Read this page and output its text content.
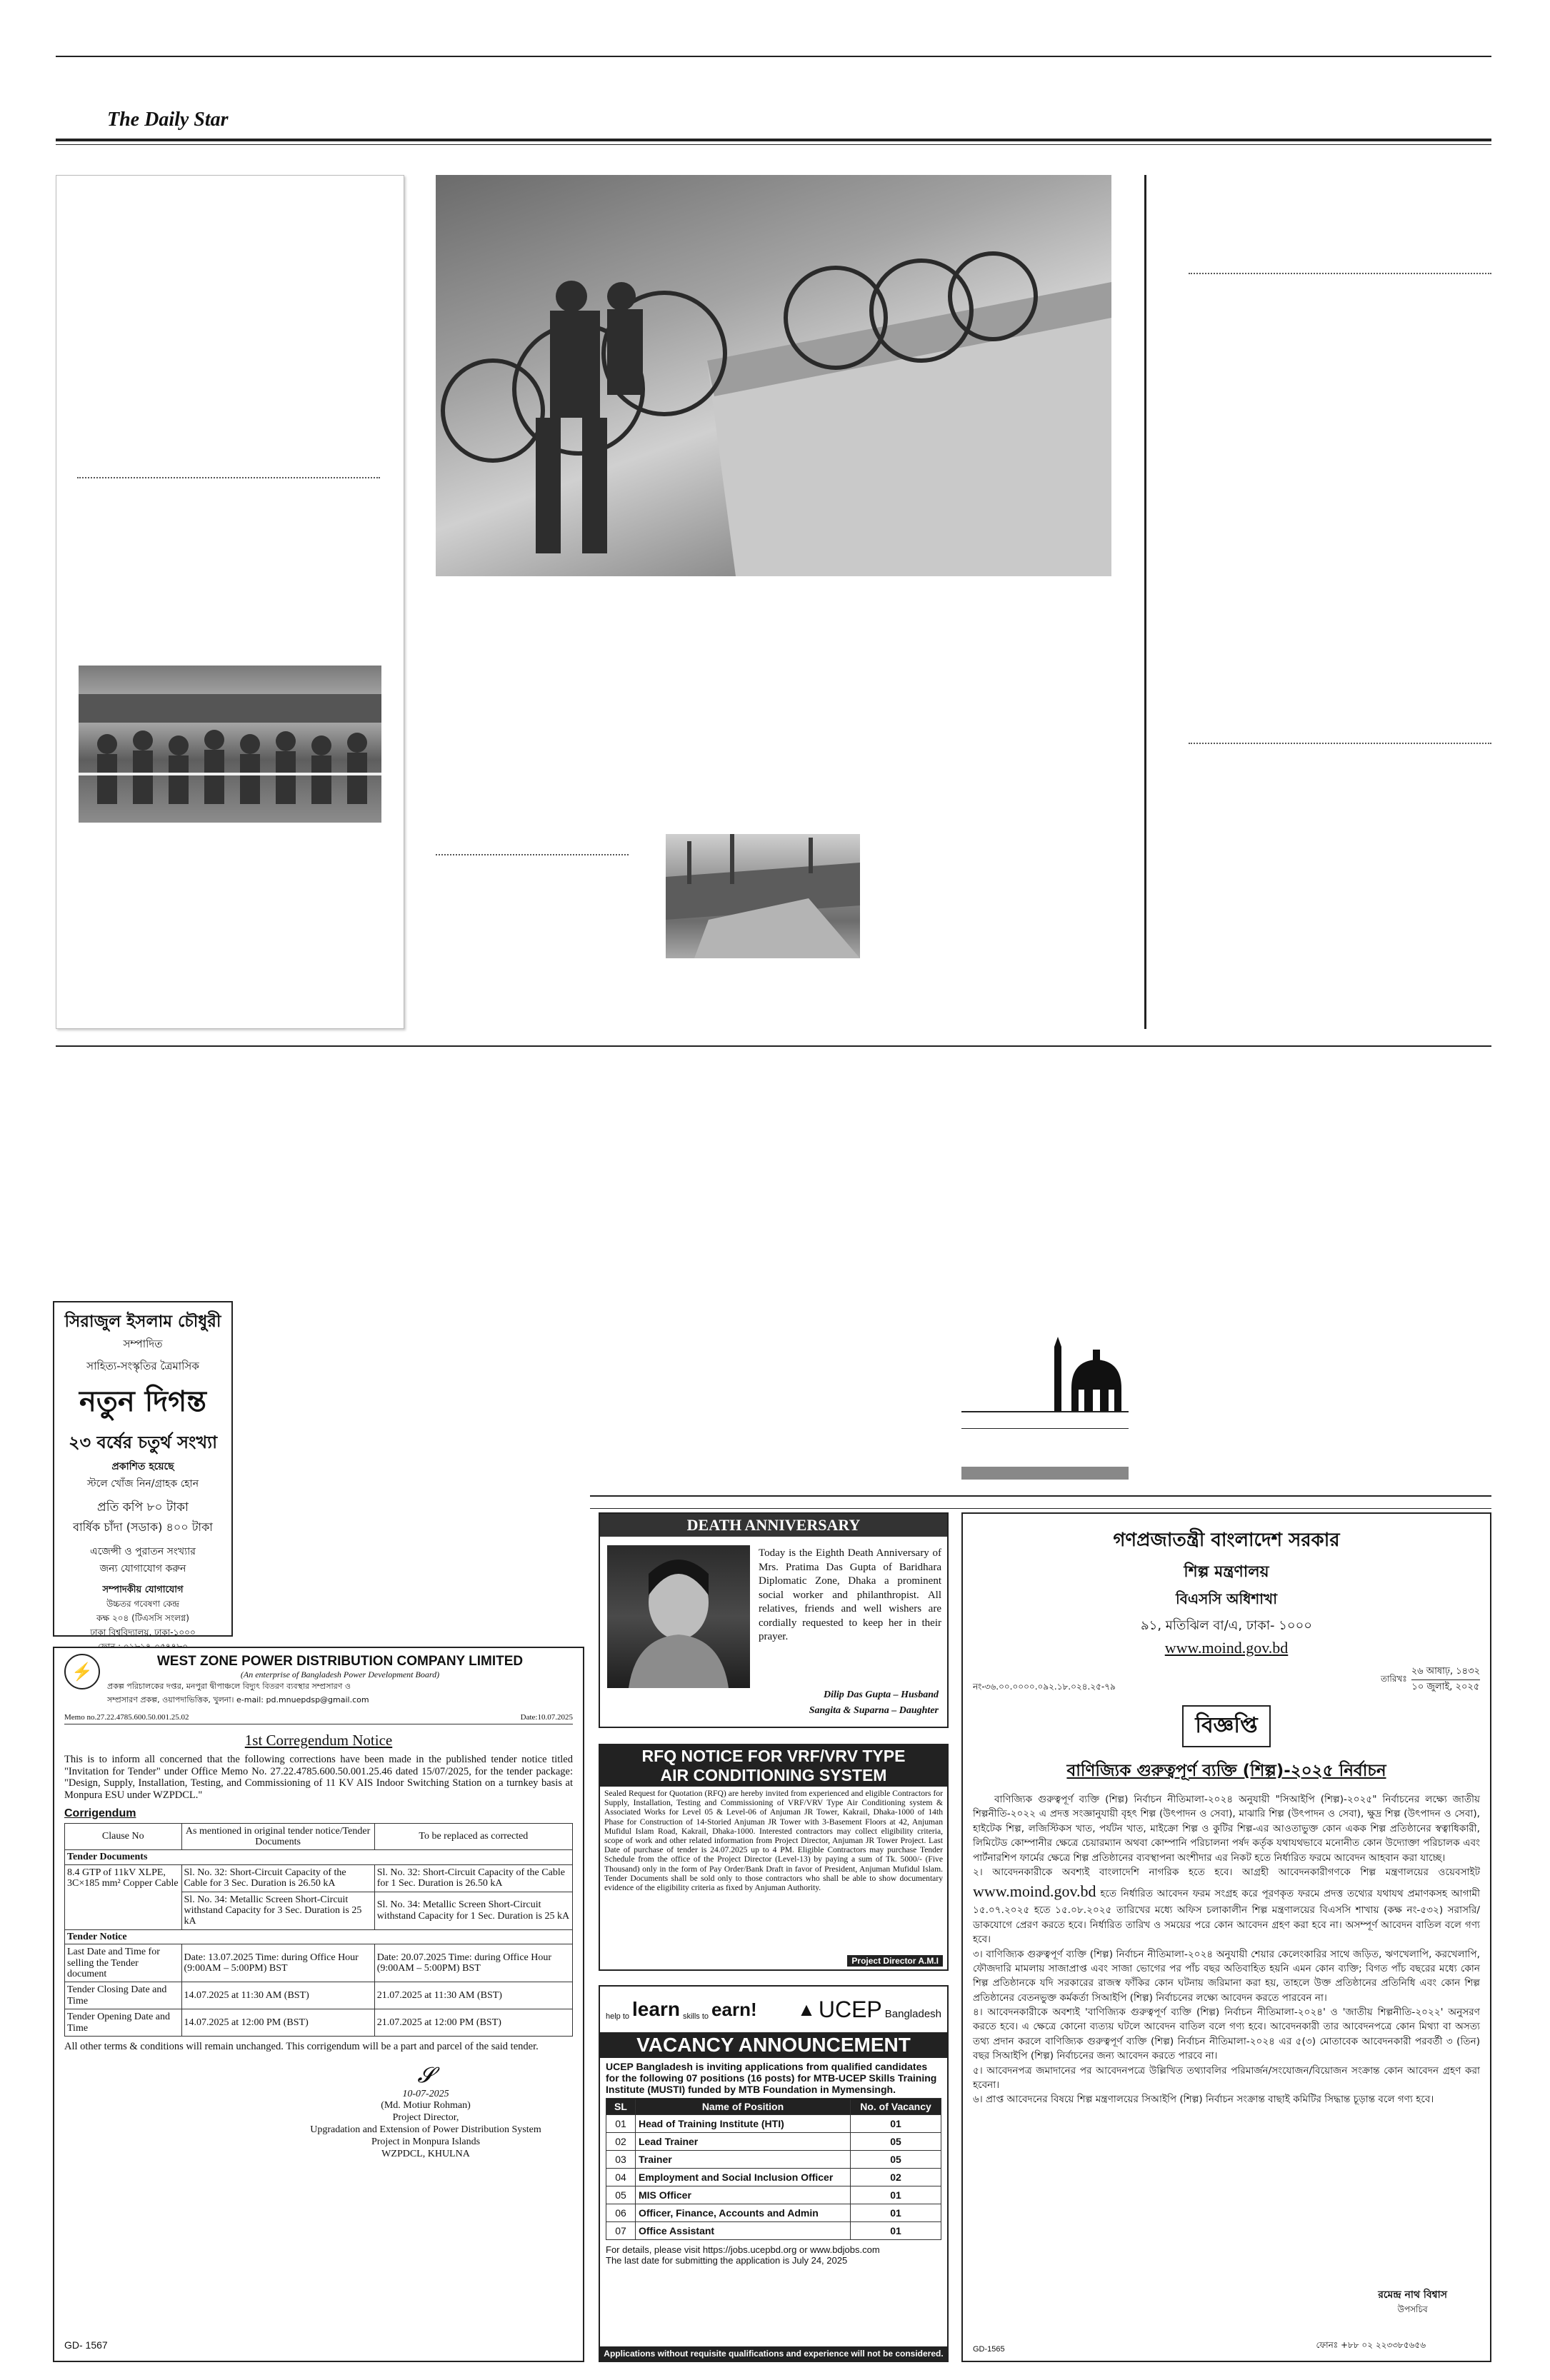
The Daily Star
সিরাজুল ইসলাম চৌধুরী
সম্পাদিত
সাহিত্য-সংস্কৃতির ত্রৈমাসিক
নতুন দিগন্ত
২৩ বর্ষের চতুর্থ সংখ্যা
প্রকাশিত হয়েছে
স্টলে খোঁজ নিন/গ্রাহক হোন
প্রতি কপি ৮০ টাকা
বার্ষিক চাঁদা (সডাক) ৪০০ টাকা
এজেন্সী ও পুরাতন সংখ্যার
জন্য যোগাযোগ করুন
সম্পাদকীয় যোগাযোগ
উচ্চতর গবেষণা কেন্দ্র
কক্ষ ২০৪ (টিএসসি সংলগ্ন)
ঢাকা বিশ্ববিদ্যালয়, ঢাকা-১০০০
⚡
WEST ZONE POWER DISTRIBUTION COMPANY LIMITED
(An enterprise of Bangladesh Power Development Board)
প্রকল্প পরিচালকের দপ্তর, মনপুরা দ্বীপাঞ্চলে বিদ্যুৎ বিতরণ ব্যবস্থার সম্প্রসারণ ও
সম্প্রসারণ প্রকল্প, ওয়াপদাভিত্তিক, খুলনা। e-mail: pd.mnuepdsp@gmail.com
Memo no.27.22.4785.600.50.001.25.02	Date:10.07.2025
1st Corregendum Notice
This is to inform all concerned that the following corrections have been made in the published tender notice titled "Invitation for Tender" under Office Memo No. 27.22.4785.600.50.001.25.46 dated 15/07/2025, for the tender package: "Design, Supply, Installation, Testing, and Commissioning of 11 KV AIS Indoor Switching Station on a turnkey basis at Monpura ESU under WZPDCL."
Corrigendum
Clause No	As mentioned in original tender notice/Tender Documents	To be replaced as corrected
Tender Documents		
8.4 GTP of 11kV XLPE, 3C×185 mm² Copper Cable	Sl. No. 32: Short-Circuit Capacity of the Cable for 3 Sec. Duration is 26.50 kA	Sl. No. 32: Short-Circuit Capacity of the Cable for 1 Sec. Duration is 26.50 kA
	Sl. No. 34: Metallic Screen Short-Circuit withstand Capacity for 3 Sec. Duration is 25 kA	Sl. No. 34: Metallic Screen Short-Circuit withstand Capacity for 1 Sec. Duration is 25 kA
Tender Notice		
Last Date and Time for selling the Tender document	Date: 13.07.2025 Time: during Office Hour (9:00AM – 5:00PM) BST	Date: 20.07.2025 Time: during Office Hour (9:00AM – 5:00PM) BST
Tender Closing Date and Time	14.07.2025 at 11:30 AM (BST)	21.07.2025 at 11:30 AM (BST)
Tender Opening Date and Time	14.07.2025 at 12:00 PM (BST)	21.07.2025 at 12:00 PM (BST)
All other terms & conditions will remain unchanged. This corrigendum will be a part and parcel of the said tender.
𝓢
10-07-2025
(Md. Motiur Rohman)
Project Director,
Upgradation and Extension of Power Distribution System
Project in Monpura Islands
WZPDCL, KHULNA
GD- 1567
DEATH ANNIVERSARY
Today is the Eighth Death Anniversary of Mrs. Pratima Das Gupta of Baridhara Diplomatic Zone, Dhaka a prominent social worker and philanthropist. All relatives, friends and well wishers are cordially requested to keep her in their prayer.
Dilip Das Gupta – Husband
Sangita & Suparna – Daughter
RFQ NOTICE FOR VRF/VRV TYPE
AIR CONDITIONING SYSTEM
Sealed Request for Quotation (RFQ) are hereby invited from experienced and eligible Contractors for Supply, Installation, Testing and Commissioning of VRF/VRV Type Air Conditioning system & Associated Works for Level 05 & Level-06 of Anjuman JR Tower, Kakrail, Dhaka-1000 of 14th Phase for Construction of 14-Storied Anjuman JR Tower with 3-Basement Floors at 42, Anjuman Mufidul Islam Road, Kakrail, Dhaka-1000. Interested contractors may collect eligibility criteria, scope of work and other related information from Project Director, Anjuman JR Tower Project. Last Date of purchase of tender is 24.07.2025 up to 4 PM. Eligible Contractors may purchase Tender Schedule from the office of the Project Director (Level-13) by paying a sum of Tk. 5000/- (Five Thousand) only in the form of Pay Order/Bank Draft in favor of President, Anjuman Mufidul Islam. Tender Documents shall be sold only to those contractors who shall be able to show documentary evidence of the eligibility criteria as fixed by Anjuman Authority.
Project Director A.M.I
help to learn skills to earn! ▲ UCEP Bangladesh
VACANCY ANNOUNCEMENT
UCEP Bangladesh is inviting applications from qualified candidates for the following 07 positions (16 posts) for MTB-UCEP Skills Training Institute (MUSTI) funded by MTB Foundation in Mymensingh.
SL	Name of Position	No. of Vacancy
01	Head of Training Institute (HTI)	01
02	Lead Trainer	05
03	Trainer	05
04	Employment and Social Inclusion Officer	02
05	MIS Officer	01
06	Officer, Finance, Accounts and Admin	01
07	Office Assistant	01
For details, please visit https://jobs.ucepbd.org or www.bdjobs.com
The last date for submitting the application is July 24, 2025
Applications without requisite qualifications and experience will not be considered.
গণপ্রজাতন্ত্রী বাংলাদেশ সরকার
শিল্প মন্ত্রণালয়
বিএসসি অধিশাখা
৯১, মতিঝিল বা/এ, ঢাকা- ১০০০
www.moind.gov.bd
নং-৩৬.০০.০০০০.০৯২.১৮.০২৪.২৫-৭৯
তারিখঃ
২৬ আষাঢ়, ১৪৩২
১০ জুলাই, ২০২৫
বিজ্ঞপ্তি
বাণিজ্যিক গুরুত্বপূর্ণ ব্যক্তি (শিল্প)-২০২৫ নির্বাচন
বাণিজ্যিক গুরুত্বপূর্ণ ব্যক্তি (শিল্প) নির্বাচন নীতিমালা-২০২৪ অনুযায়ী "সিআইপি (শিল্প)-২০২৫" নির্বাচনের লক্ষ্যে জাতীয় শিল্পনীতি-২০২২ এ প্রদত্ত সংজ্ঞানুযায়ী বৃহৎ শিল্প (উৎপাদন ও সেবা), মাঝারি শিল্প (উৎপাদন ও সেবা), ক্ষুদ্র শিল্প (উৎপাদন ও সেবা), হাইটেক শিল্প, লজিস্টিকস খাত, পর্যটন খাত, মাইক্রো শিল্প ও কুটির শিল্প-এর আওতাভুক্ত কোন একক শিল্প প্রতিষ্ঠানের স্বত্বাধিকারী, লিমিটেড কোম্পানীর ক্ষেত্রে চেয়ারম্যান অথবা কোম্পানি পরিচালনা পর্ষদ কর্তৃক যথাযথভাবে মনোনীত কোন উদ্যোক্তা পরিচালক এবং পার্টনারশিপ ফার্মের ক্ষেত্রে শিল্প প্রতিষ্ঠানের ব্যবস্থাপনা অংশীদার এর নিকট হতে নির্ধারিত ফরমে আবেদন আহবান করা যাচ্ছে।
২। আবেদনকারীকে অবশ্যই বাংলাদেশি নাগরিক হতে হবে। আগ্রহী আবেদনকারীগণকে শিল্প মন্ত্রণালয়ের ওয়েবসাইট www.moind.gov.bd হতে নির্ধারিত আবেদন ফরম সংগ্রহ করে পূরণকৃত ফরমে প্রদত্ত তথ্যের যথাযথ প্রমাণকসহ আগামী ১৫.০৭.২০২৫ হতে ১৫.০৮.২০২৫ তারিখের মধ্যে অফিস চলাকালীন শিল্প মন্ত্রণালয়ের বিএসসি শাখায় (কক্ষ নং-৫৩২) সরাসরি/ডাকযোগে প্রেরণ করতে হবে। নির্ধারিত তারিখ ও সময়ের পরে কোন আবেদন গ্রহণ করা হবে না। অসম্পূর্ণ আবেদন বাতিল বলে গণ্য হবে।
৩। বাণিজ্যিক গুরুত্বপূর্ণ ব্যক্তি (শিল্প) নির্বাচন নীতিমালা-২০২৪ অনুযায়ী শেয়ার কেলেংকারির সাথে জড়িত, ঋণখেলাপি, করখেলাপি, ফৌজদারি মামলায় সাজাপ্রাপ্ত এবং সাজা ভোগের পর পাঁচ বছর অতিবাহিত হয়নি এমন কোন ব্যক্তি; বিগত পাঁচ বছরের মধ্যে কোন শিল্প প্রতিষ্ঠানকে যদি সরকারের রাজস্ব ফাঁকির কোন ঘটনায় জরিমানা করা হয়, তাহলে উক্ত প্রতিষ্ঠানের প্রতিনিধি এবং কোন শিল্প প্রতিষ্ঠানের বেতনভুক্ত কর্মকর্তা সিআইপি (শিল্প) নির্বাচনের লক্ষ্যে আবেদন করতে পারবেন না।
৪। আবেদনকারীকে অবশ্যই 'বাণিজ্যিক গুরুত্বপূর্ণ ব্যক্তি (শিল্প) নির্বাচন নীতিমালা-২০২৪' ও 'জাতীয় শিল্পনীতি-২০২২' অনুসরণ করতে হবে। এ ক্ষেত্রে কোনো ব্যত্যয় ঘটলে আবেদন বাতিল বলে গণ্য হবে। আবেদনকারী তার আবেদনপত্রে কোন মিথ্যা বা অসত্য তথ্য প্রদান করলে বাণিজ্যিক গুরুত্বপূর্ণ ব্যক্তি (শিল্প) নির্বাচন নীতিমালা-২০২৪ এর ৫(৩) মোতাবেক আবেদনকারী পরবর্তী ৩ (তিন) বছর সিআইপি (শিল্প) নির্বাচনের জন্য আবেদন করতে পারবে না।
৫। আবেদনপত্র জমাদানের পর আবেদনপত্রে উল্লিখিত তথ্যাবলির পরিমার্জন/সংযোজন/বিয়োজন সংক্রান্ত কোন আবেদন গ্রহণ করা হবেনা।
৬। প্রাপ্ত আবেদনের বিষয়ে শিল্প মন্ত্রণালয়ের সিআইপি (শিল্প) নির্বাচন সংক্রান্ত বাছাই কমিটির সিদ্ধান্ত চূড়ান্ত বলে গণ্য হবে।
রমেন্দ্র নাথ বিশ্বাস
উপসচিব
GD-1565	ফোনঃ +৮৮ ০২ ২২৩৩৮৫৬৫৬
